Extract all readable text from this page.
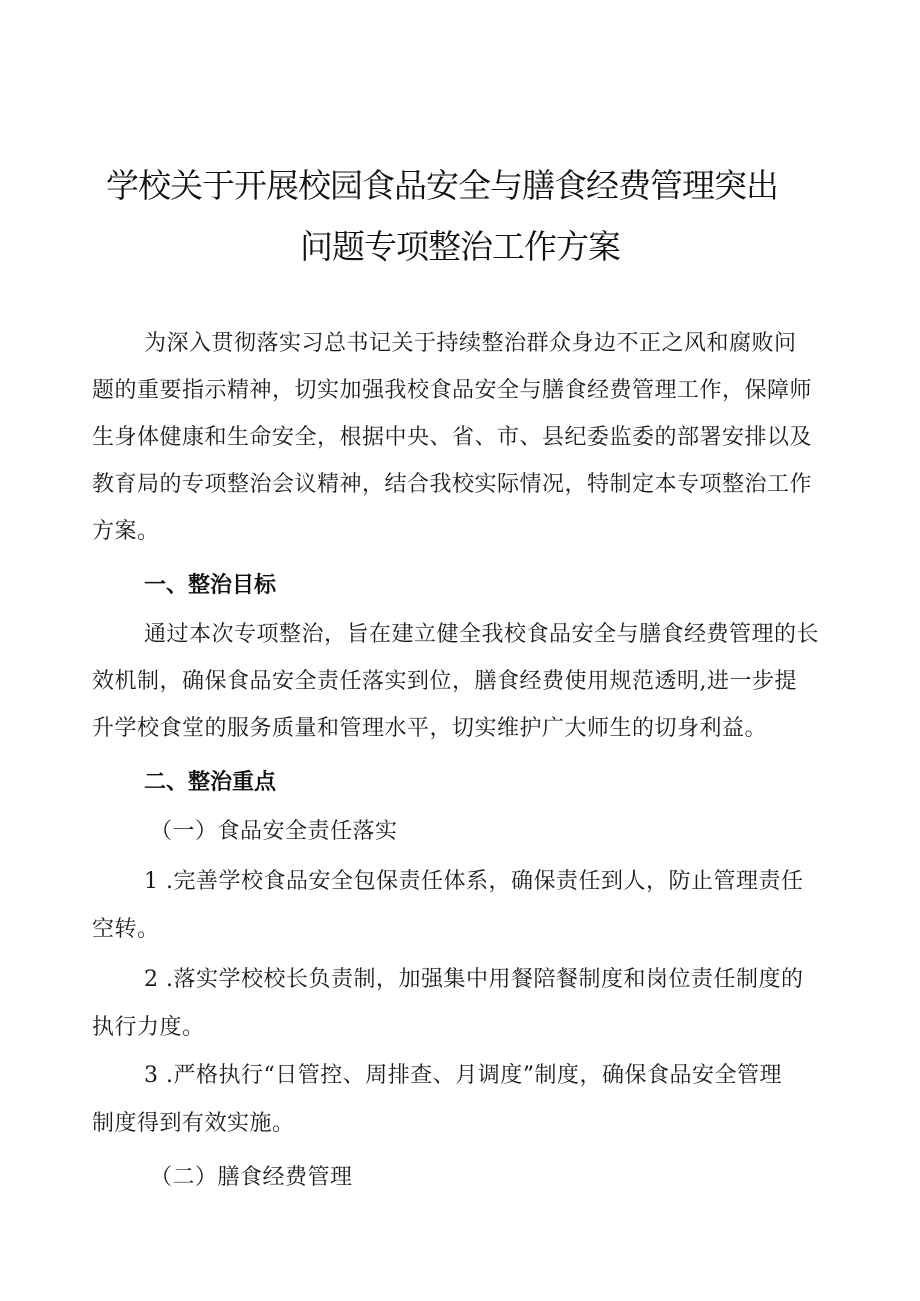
学校关于开展校园食品安全与膳食经费管理突出
问题专项整治工作方案
为深入贯彻落实习总书记关于持续整治群众身边不正之风和腐败问
题的重要指示精神，切实加强我校食品安全与膳食经费管理工作，保障师
生身体健康和生命安全，根据中央、省、市、县纪委监委的部署安排以及
教育局的专项整治会议精神，结合我校实际情况，特制定本专项整治工作
方案。
一、整治目标
通过本次专项整治，旨在建立健全我校食品安全与膳食经费管理的长
效机制，确保食品安全责任落实到位，膳食经费使用规范透明,进一步提
升学校食堂的服务质量和管理水平，切实维护广大师生的切身利益。
二、整治重点
（一）食品安全责任落实
1 .完善学校食品安全包保责任体系，确保责任到人，防止管理责任
空转。
2 .落实学校校长负责制，加强集中用餐陪餐制度和岗位责任制度的
执行力度。
3 .严格执行“日管控、周排查、月调度”制度，确保食品安全管理
制度得到有效实施。
（二）膳食经费管理
